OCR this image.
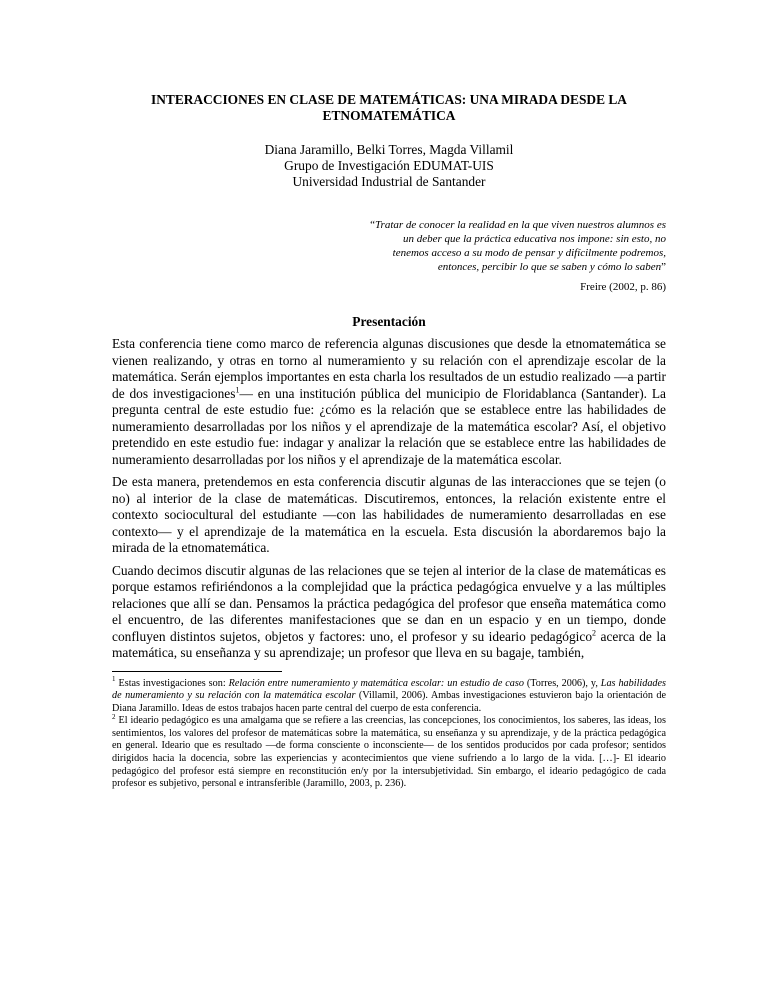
INTERACCIONES EN CLASE DE MATEMÁTICAS: UNA MIRADA DESDE LA ETNOMATEMÁTICA
Diana Jaramillo, Belki Torres, Magda Villamil
Grupo de Investigación EDUMAT-UIS
Universidad Industrial de Santander
“Tratar de conocer la realidad en la que viven nuestros alumnos es un deber que la práctica educativa nos impone: sin esto, no tenemos acceso a su modo de pensar y difícilmente podremos, entonces, percibir lo que se saben y cómo lo saben”
Freire (2002, p. 86)
Presentación

Esta conferencia tiene como marco de referencia algunas discusiones que desde la etnomatemática se vienen realizando, y otras en torno al numeramiento y su relación con el aprendizaje escolar de la matemática. Serán ejemplos importantes en esta charla los resultados de un estudio realizado —a partir de dos investigaciones$^1$— en una institución pública del municipio de Floridablanca (Santander). La pregunta central de este estudio fue: ¿cómo es la relación que se establece entre las habilidades de numeramiento desarrolladas por los niños y el aprendizaje de la matemática escolar? Así, el objetivo pretendido en este estudio fue: indagar y analizar la relación que se establece entre las habilidades de numeramiento desarrolladas por los niños y el aprendizaje de la matemática escolar.

De esta manera, pretendemos en esta conferencia discutir algunas de las interacciones que se tejen (o no) al interior de la clase de matemáticas. Discutiremos, entonces, la relación existente entre el contexto sociocultural del estudiante —con las habilidades de numeramiento desarrolladas en ese contexto— y el aprendizaje de la matemática en la escuela. Esta discusión la abordaremos bajo la mirada de la etnomatemática.

Cuando decimos discutir algunas de las relaciones que se tejen al interior de la clase de matemáticas es porque estamos refiriéndonos a la complejidad que la práctica pedagógica envuelve y a las múltiples relaciones que allí se dan. Pensamos la práctica pedagógica del profesor que enseña matemática como el encuentro, de las diferentes manifestaciones que se dan en un espacio y en un tiempo, donde confluyen distintos sujetos, objetos y factores: uno, el profesor y su ideario pedagógico$^2$ acerca de la matemática, su enseñanza y su aprendizaje; un profesor que lleva en su bagaje, también,

$^1$ Estas investigaciones son: Relación entre numeramiento y matemática escolar: un estudio de caso (Torres, 2006), y, Las habilidades de numeramiento y su relación con la matemática escolar (Villamil, 2006). Ambas investigaciones estuvieron bajo la orientación de Diana Jaramillo. Ideas de estos trabajos hacen parte central del cuerpo de esta conferencia.

$^2$ El ideario pedagógico es una amalgama que se refiere a las creencias, las concepciones, los conocimientos, los saberes, las ideas, los sentimientos, los valores del profesor de matemáticas sobre la matemática, su enseñanza y su aprendizaje, y de la práctica pedagógica en general. Ideario que es resultado —de forma consciente o inconsciente— de los sentidos producidos por cada profesor; sentidos dirigidos hacia la docencia, sobre las experiencias y acontecimientos que viene sufriendo a lo largo de la vida. […]- El ideario pedagógico del profesor está siempre en reconstitución en/y por la intersubjetividad. Sin embargo, el ideario pedagógico de cada profesor es subjetivo, personal e intransferible (Jaramillo, 2003, p. 236).
